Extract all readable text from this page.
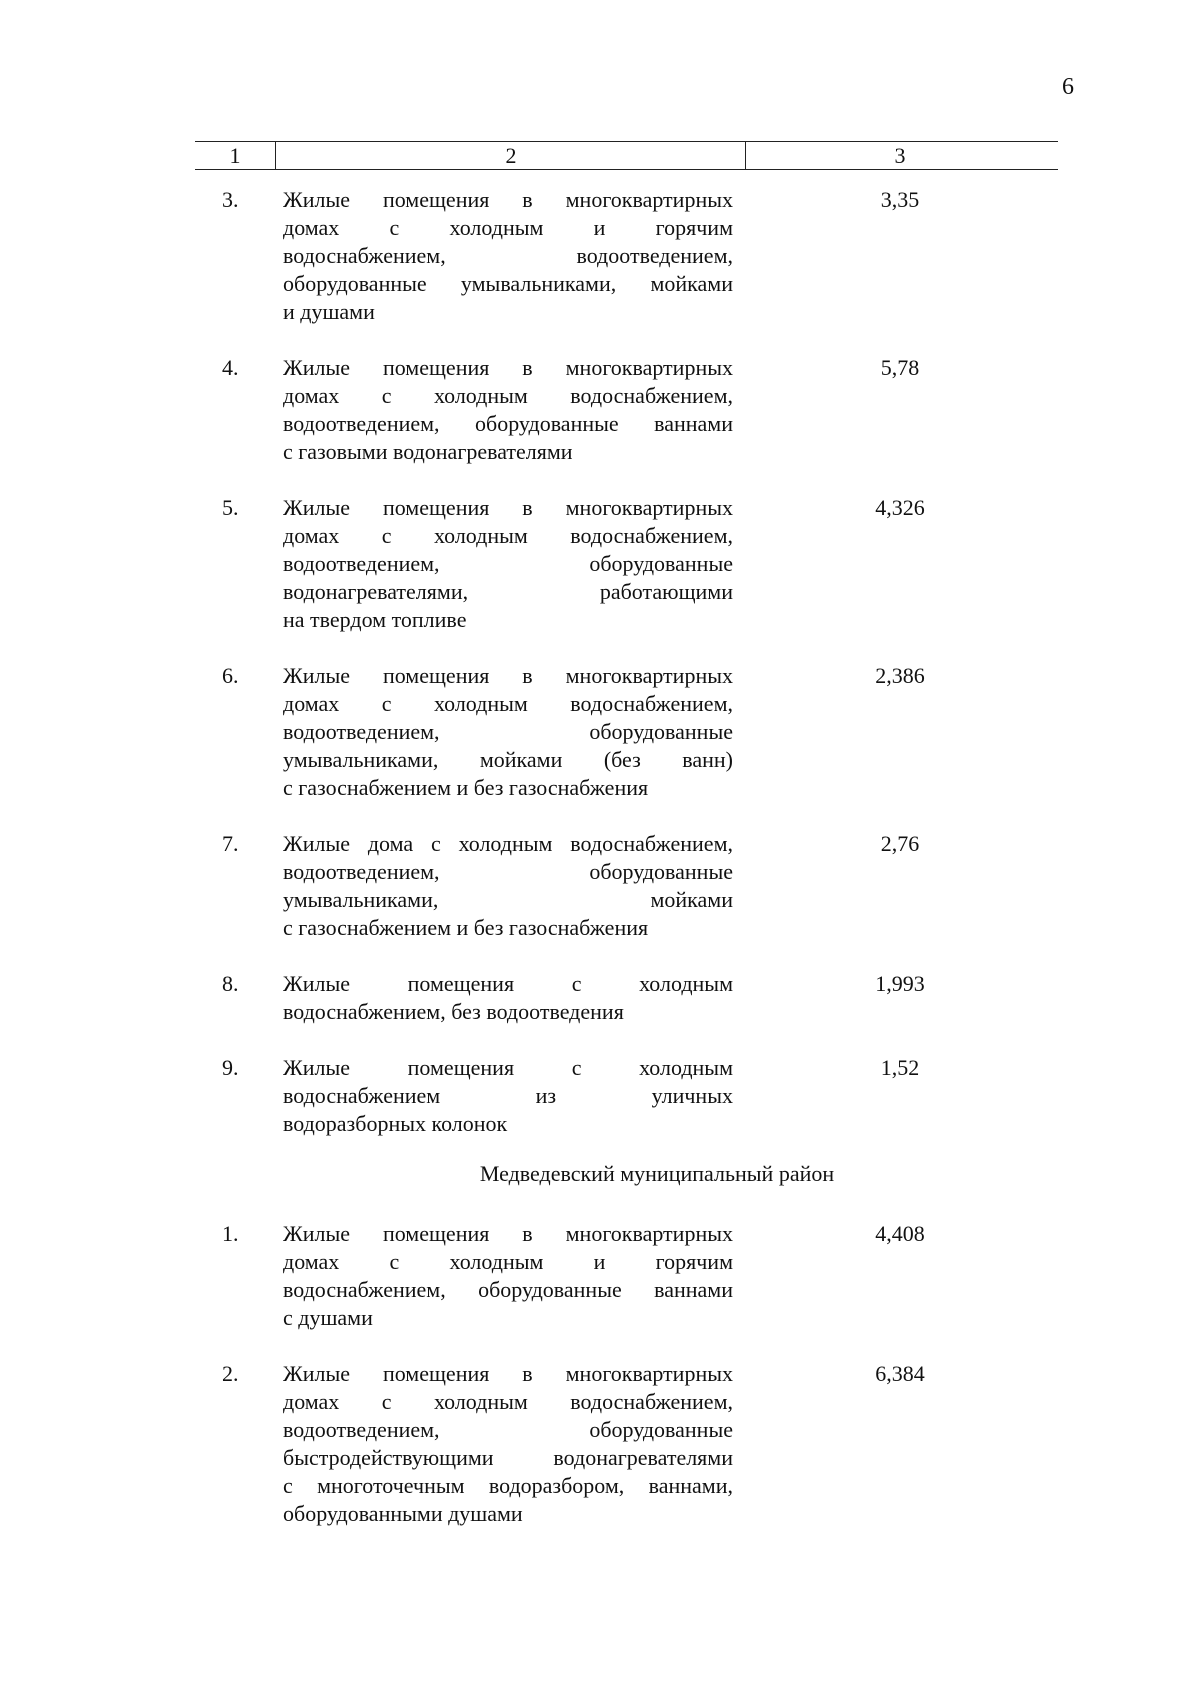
6
1	2	3
3. Жилые помещения в многоквартирных
домах с холодным и горячим
водоснабжением, водоотведением,
оборудованные умывальниками, мойками
и душами
3,35
4. Жилые помещения в многоквартирных
домах с холодным водоснабжением,
водоотведением, оборудованные ваннами
с газовыми водонагревателями
5,78
5. Жилые помещения в многоквартирных
домах с холодным водоснабжением,
водоотведением, оборудованные
водонагревателями, работающими
на твердом топливе
4,326
6. Жилые помещения в многоквартирных
домах с холодным водоснабжением,
водоотведением, оборудованные
умывальниками, мойками (без ванн)
с газоснабжением и без газоснабжения
2,386
7. Жилые дома с холодным водоснабжением,
водоотведением, оборудованные
умывальниками, мойками
с газоснабжением и без газоснабжения
2,76
8. Жилые помещения с холодным
водоснабжением, без водоотведения
1,993
9. Жилые помещения с холодным
водоснабжением из уличных
водоразборных колонок
1,52
Медведевский муниципальный район
1. Жилые помещения в многоквартирных
домах с холодным и горячим
водоснабжением, оборудованные ваннами
с душами
4,408
2. Жилые помещения в многоквартирных
домах с холодным водоснабжением,
водоотведением, оборудованные
быстродействующими водонагревателями
с многоточечным водоразбором, ваннами,
оборудованными душами
6,384
